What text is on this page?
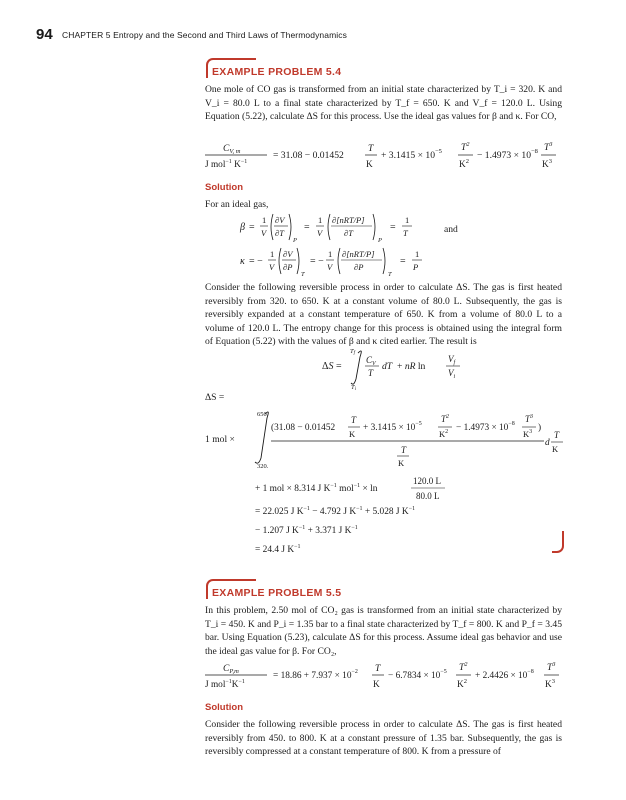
94 CHAPTER 5 Entropy and the Second and Third Laws of Thermodynamics
EXAMPLE PROBLEM 5.4
One mole of CO gas is transformed from an initial state characterized by T_i = 320. K and V_i = 80.0 L to a final state characterized by T_f = 650. K and V_f = 120.0 L. Using Equation (5.22), calculate ΔS for this process. Use the ideal gas values for β and κ. For CO,
$C_{V, m}$
J mol$^{-1}$ $K^{-1}$
= 31.08 − 0.01452
T
K
+ $3.1415 \times 10^{-5}$ $T^2$
$K^2$
− $1.4973 \times 10^{-8}$ $T^3$
$K^3$
Solution
For an ideal gas,
β =
1
V
∂V
∂T
P
=
1
V
∂[nRT/P]
∂T
P
=
1
T	and
κ = −
1
V
∂V
∂P
T
= −
1
V
∂[nRT/P]
∂P
T
=
1
P
Consider the following reversible process in order to calculate ΔS. The gas is first heated reversibly from 320. to 650. K at a constant volume of 80.0 L. Subsequently, the gas is reversibly expanded at a constant temperature of 650. K from a volume of 80.0 L to a volume of 120.0 L. The entropy change for this process is obtained using the integral form of Equation (5.22) with the values of β and κ cited earlier. The result is
ΔS =
Tf
Ti
$C_V$
T
dT + nR ln
$V_f$
$V_i$
ΔS =
1 mol ×
650.
320.
(31.08 − 0.01452
T
K
+ $3.1415 \times 10^{-5}$ $T^2$
$K^2 - 1.4973 \times 10^{-8}$ $T^3$
$K^3$ )
T
K
d
T
K
+ 1 mol × 8.314 J $K^{-1}$ mol$^{-1}$ × ln
120.0 L
80.0 L
= 22.025 J $K^{-1} - 4.792$ J $K^{-1} + 5.028$ J $K^{-1}$
− 1.207 J $K^{-1} + 3.371$ J $K^{-1}$
= 24.4 J $K^{-1}$
EXAMPLE PROBLEM 5.5
In this problem, 2.50 mol of CO₂ gas is transformed from an initial state characterized by T_i = 450. K and P_i = 1.35 bar to a final state characterized by T_f = 800. K and P_f = 3.45 bar. Using Equation (5.23), calculate ΔS for this process. Assume ideal gas behavior and use the ideal gas value for β. For CO₂,
$C_{P,m}$
J $mol^{-1}K^{-1}$
= $18.86 + 7.937 \times 10^{-2}$ T
K
− $6.7834 \times 10^{-5}$ $T^2$
$K^2$
+ $2.4426 \times 10^{-8}$ $T^3$
$K^3$
Solution
Consider the following reversible process in order to calculate ΔS. The gas is first heated reversibly from 450. to 800. K at a constant pressure of 1.35 bar. Subsequently, the gas is reversibly compressed at a constant temperature of 800. K from a pressure of
